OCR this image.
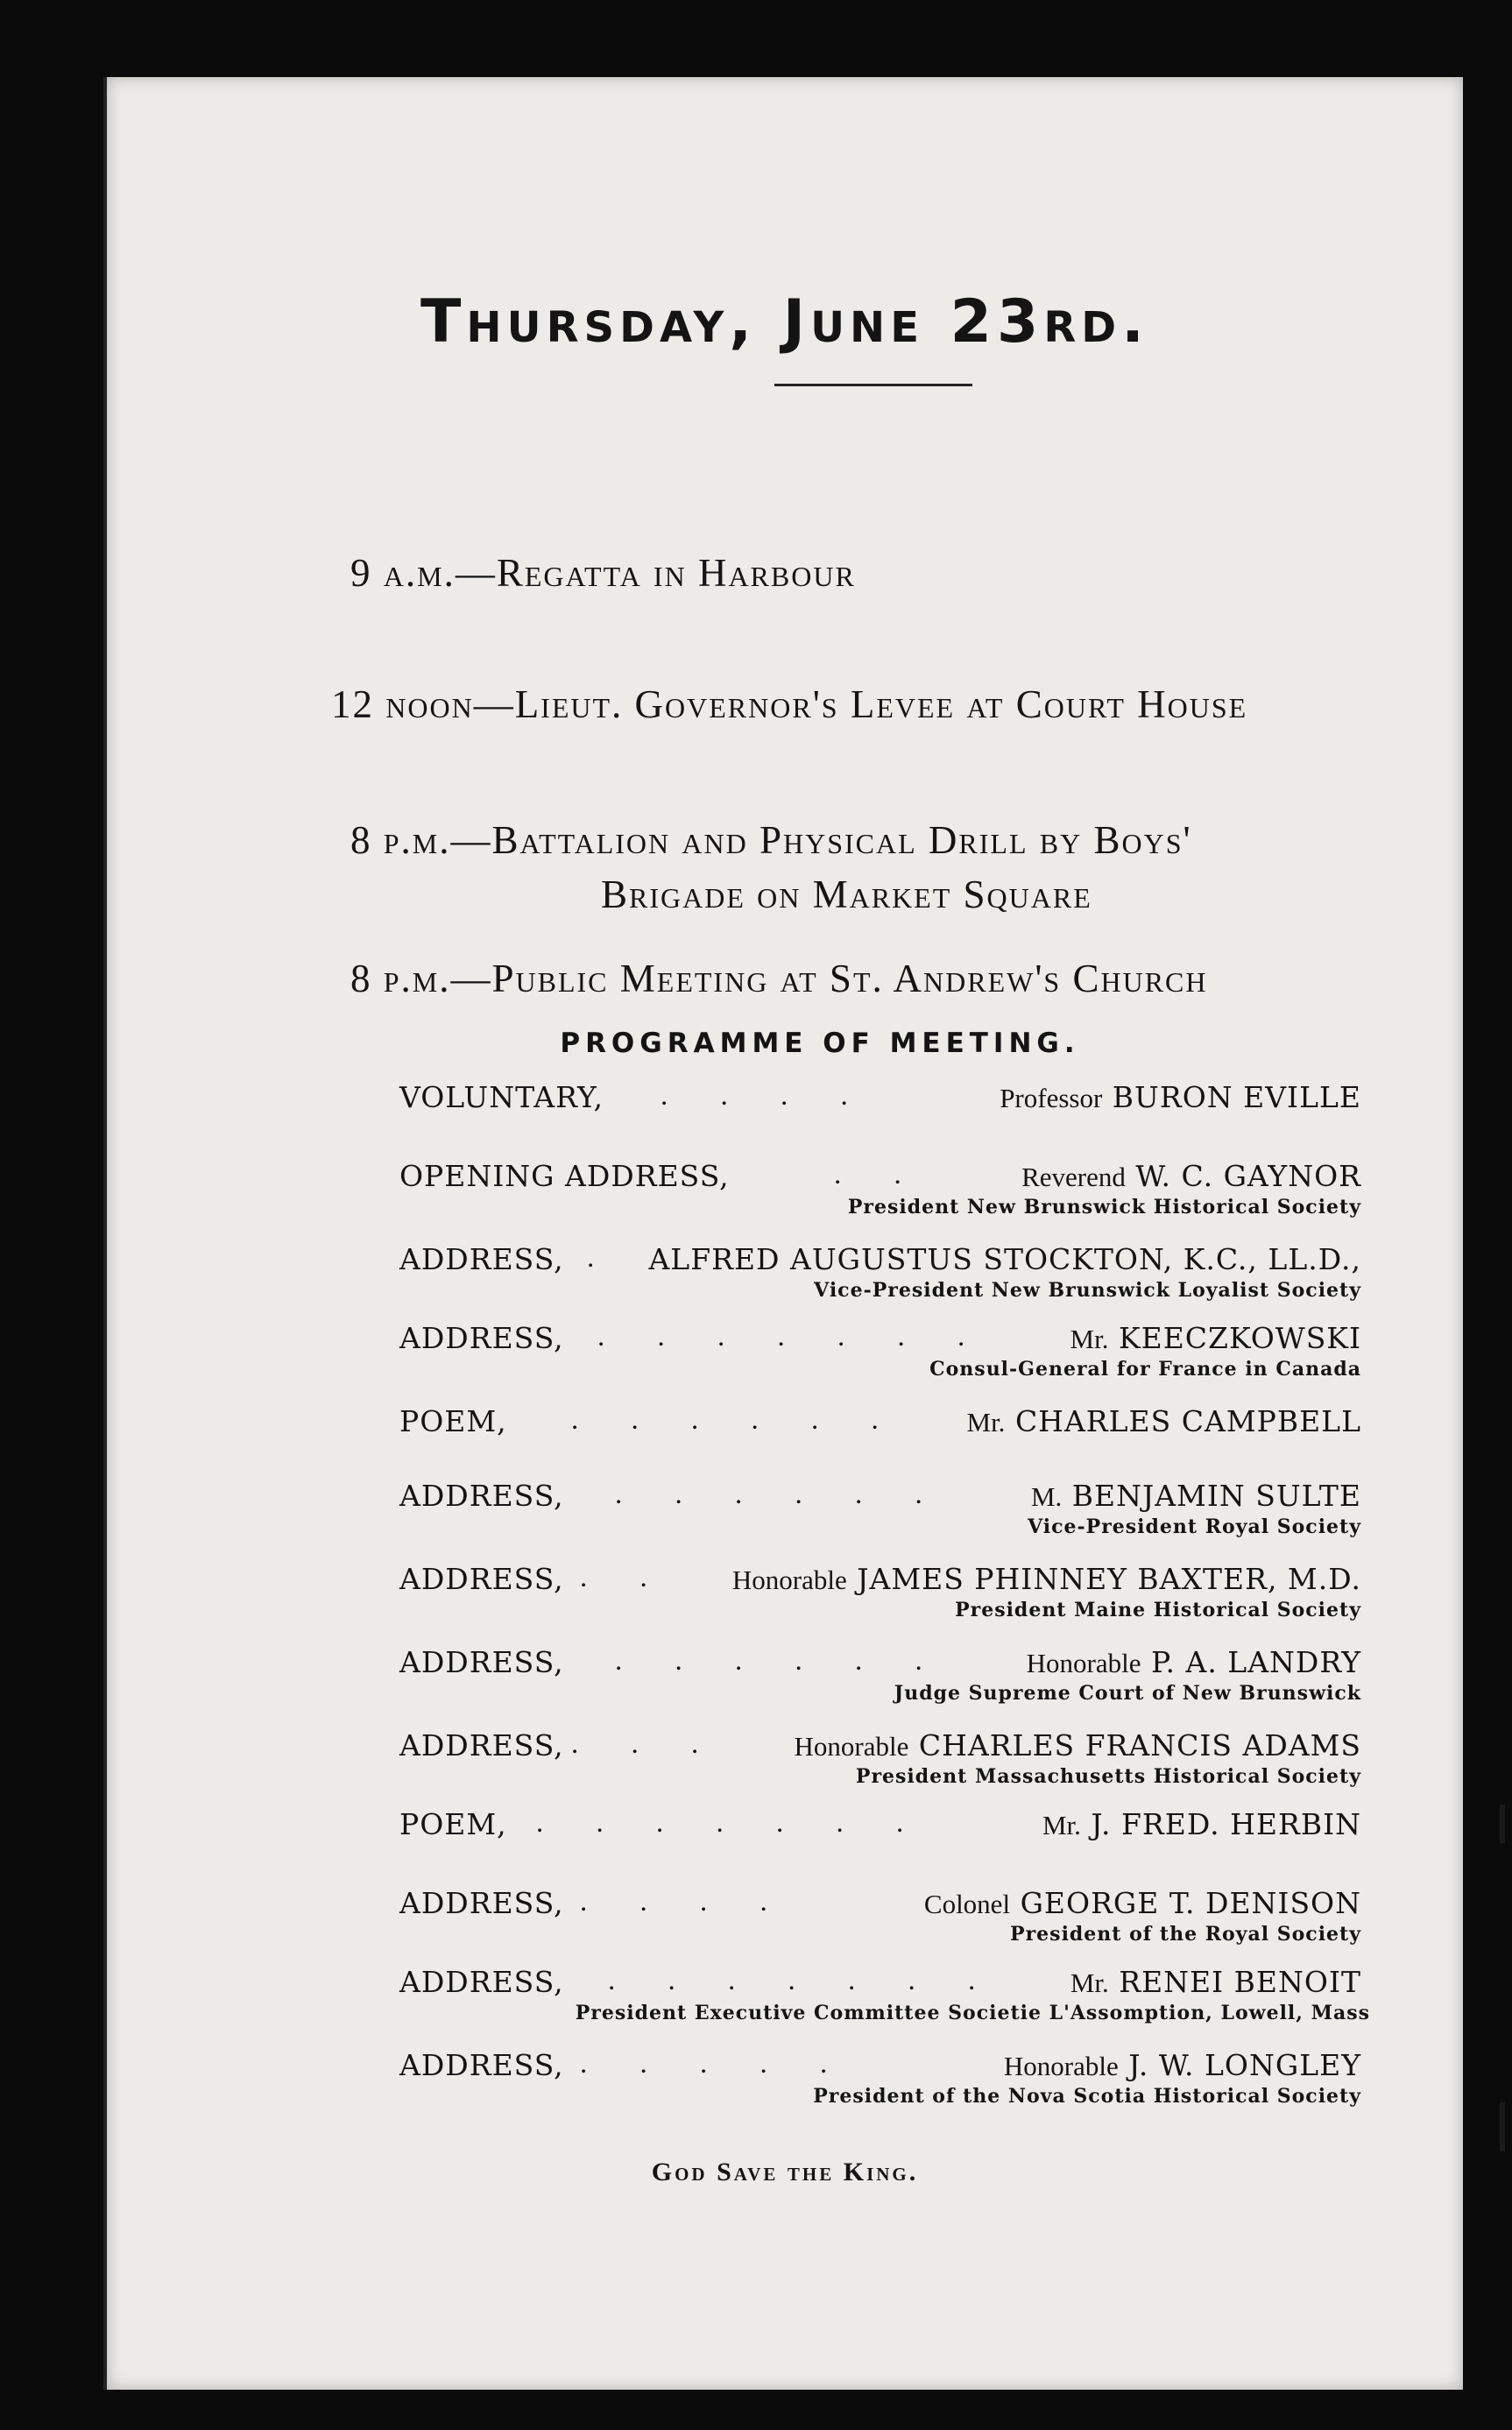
Thursday, June 23rd.

9 a.m.—Regatta in Harbour

12 noon—Lieut. Governor's Levee at Court House

8 p.m.—Battalion and Physical Drill by Boys'
Brigade on Market Square

8 p.m.—Public Meeting at St. Andrew's Church

PROGRAMME OF MEETING.

VOLUNTARY, . . . .	Professor BURON EVILLE
OPENING ADDRESS,	. .	Reverend W. C. GAYNOR
President New Brunswick Historical Society
ADDRESS, . ALFRED AUGUSTUS STOCKTON, K.C., LL.D.,
Vice-President New Brunswick Loyalist Society
ADDRESS, . . . . . . .	Mr. KEECZKOWSKI
Consul-General for France in Canada
POEM, . . . . . . Mr. CHARLES CAMPBELL
ADDRESS, . . . . . .	M. BENJAMIN SULTE
Vice-President Royal Society
ADDRESS, . . Honorable JAMES PHINNEY BAXTER, M.D.
President Maine Historical Society
ADDRESS, . . . . . .	Honorable P. A. LANDRY
Judge Supreme Court of New Brunswick
ADDRESS, . . .	Honorable CHARLES FRANCIS ADAMS
President Massachusetts Historical Society
POEM, . . . . . . .	Mr. J. FRED. HERBIN
ADDRESS, . . . .	Colonel GEORGE T. DENISON
President of the Royal Society
ADDRESS, . . . . . . .	Mr. RENEI BENOIT
President Executive Committee Societie L'Assomption, Lowell, Mass
ADDRESS, . . . . .	Honorable J. W. LONGLEY
President of the Nova Scotia Historical Society

God Save the King.
